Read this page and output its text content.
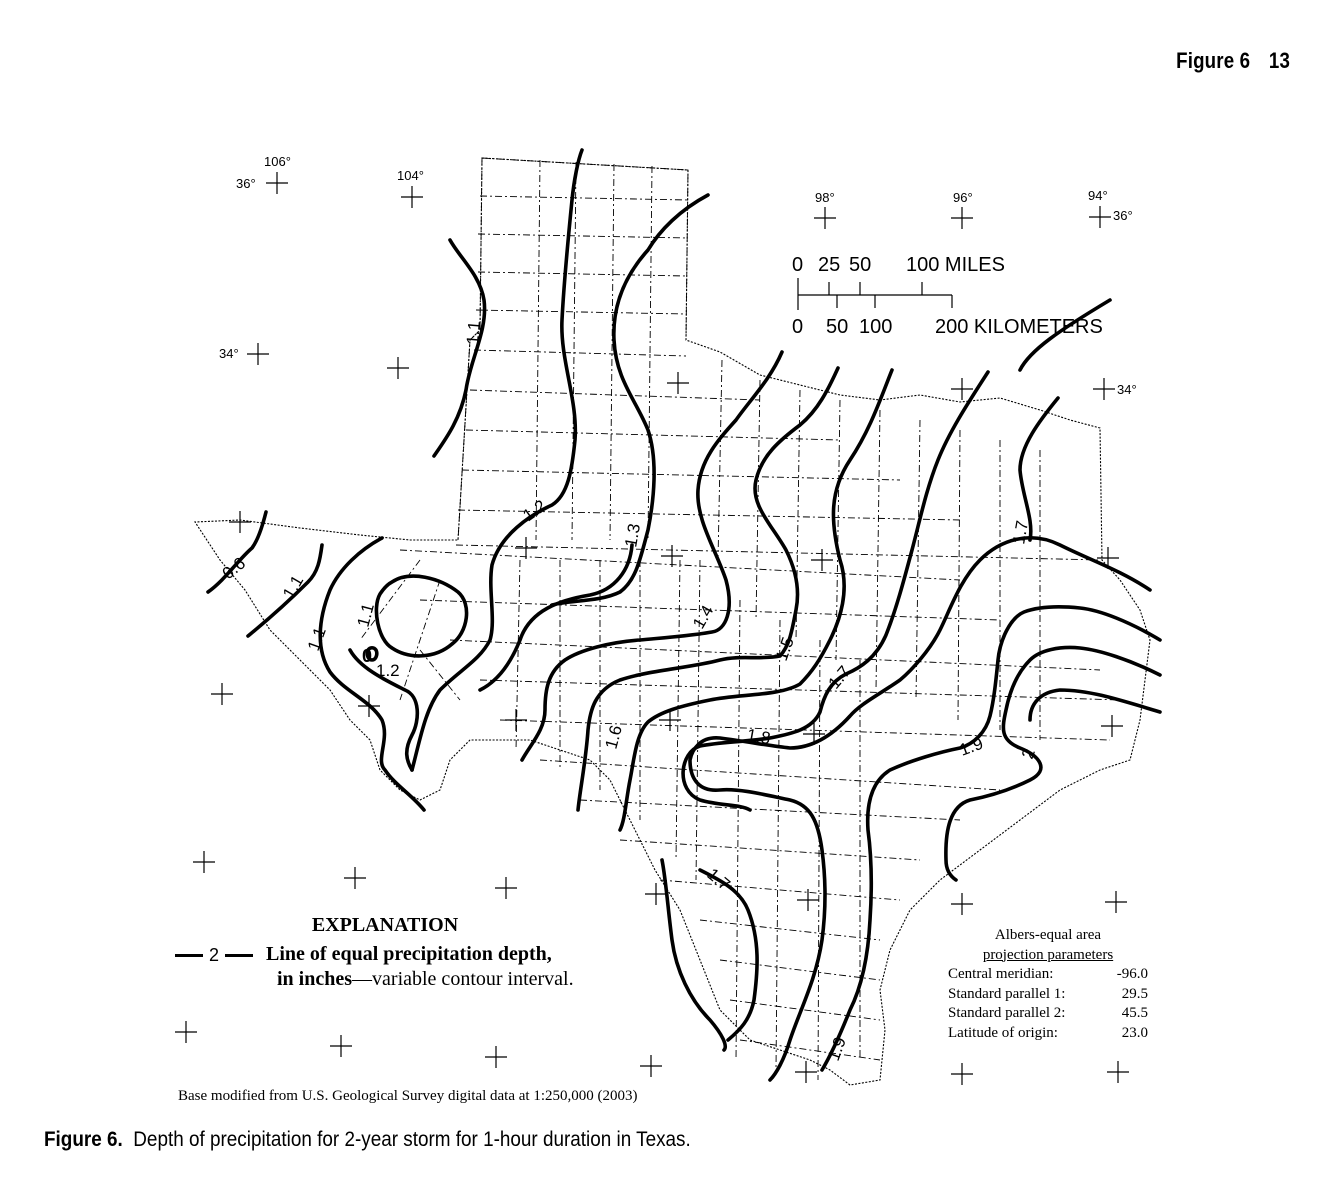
Figure 6 13
106°
104°
98°	96°	94°
36°
34°
36°
34°
0 25 50 100 MILES
0 50 100 200 KILOMETERS
0.6
1.1
1.1
1.1
1.1
1.2
1.2
1.3
1.4
1.5
1.6
1.7
1.7
1.7
1.8	1.9
1.9
2
0
EXPLANATION
2 Line of equal precipitation depth,
in inches—variable contour interval.
Albers-equal area
projection parameters
Central meridian:	-96.0
Standard parallel 1:	29.5
Standard parallel 2:	45.5
Latitude of origin:	23.0
Base modified from U.S. Geological Survey digital data at 1:250,000 (2003)
Figure 6. Depth of precipitation for 2-year storm for 1-hour duration in Texas.
